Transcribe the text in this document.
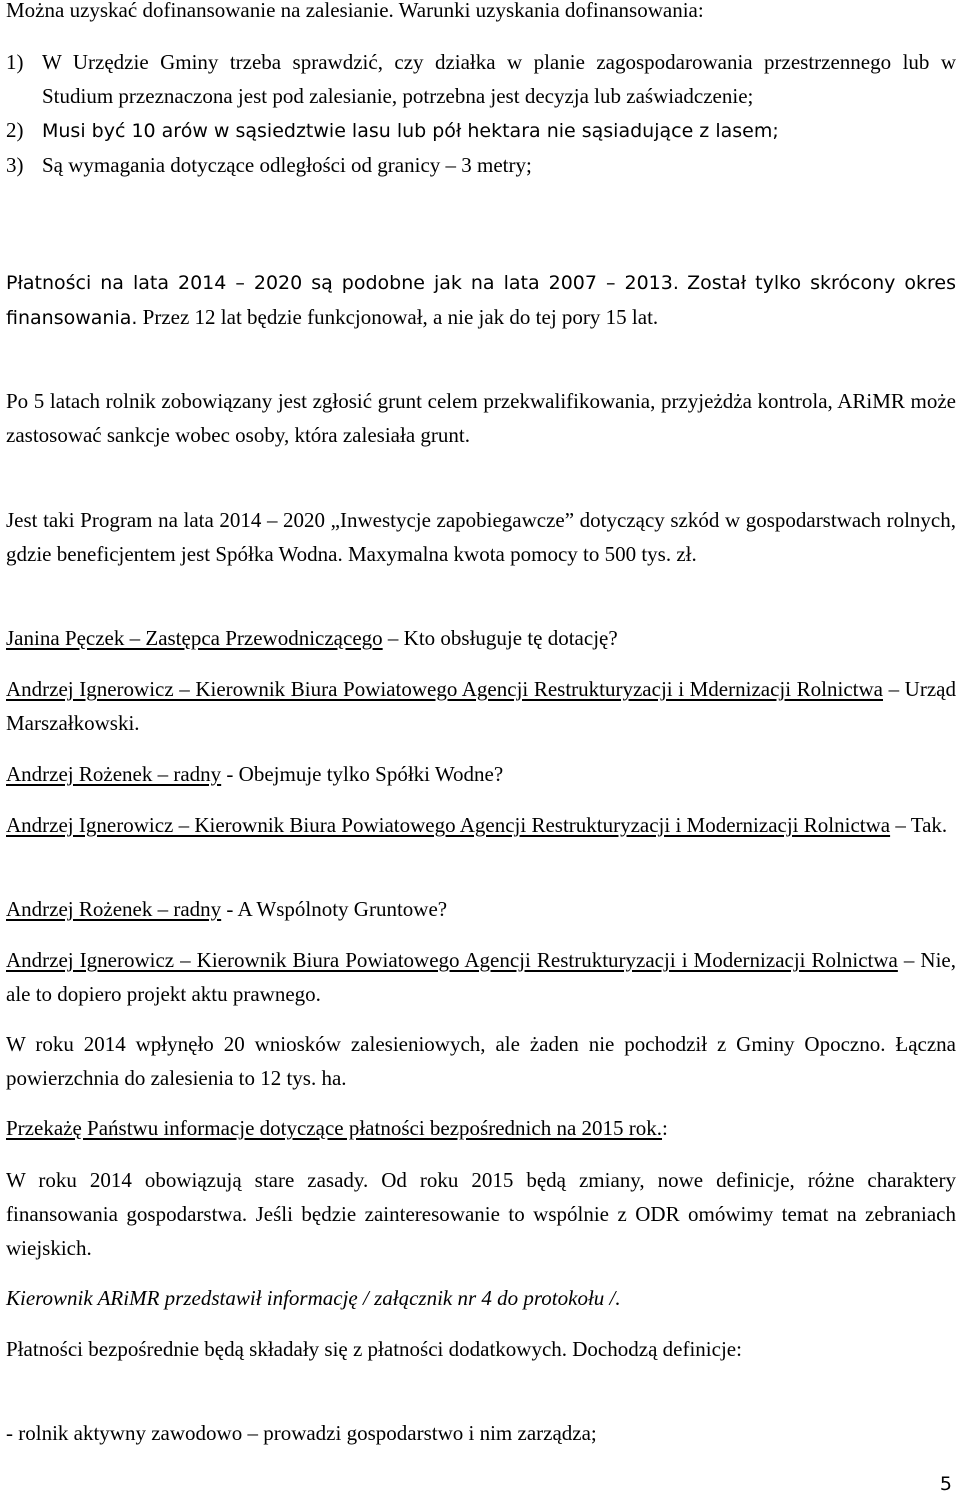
Można uzyskać dofinansowanie na zalesianie. Warunki uzyskania dofinansowania:

1) W Urzędzie Gminy trzeba sprawdzić, czy działka w planie zagospodarowania przestrzennego lub w Studium przeznaczona jest pod zalesianie, potrzebna jest decyzja lub zaświadczenie;
2) Musi być 10 arów w sąsiedztwie lasu lub pół hektara nie sąsiadujące z lasem;
3) Są wymagania dotyczące odległości od granicy – 3 metry;

Płatności na lata 2014 – 2020 są podobne jak na lata 2007 – 2013. Został tylko skrócony okres finansowania. Przez 12 lat będzie funkcjonował, a nie jak do tej pory 15 lat.

Po 5 latach rolnik zobowiązany jest zgłosić grunt celem przekwalifikowania, przyjeżdża kontrola, ARiMR może zastosować sankcje wobec osoby, która zalesiała grunt.

Jest taki Program na lata 2014 – 2020 „Inwestycje zapobiegawcze” dotyczący szkód w gospodarstwach rolnych, gdzie beneficjentem jest Spółka Wodna. Maxymalna kwota pomocy to 500 tys. zł.

Janina Pęczek – Zastępca Przewodniczącego – Kto obsługuje tę dotację?

Andrzej Ignerowicz – Kierownik Biura Powiatowego Agencji Restrukturyzacji i Mdernizacji Rolnictwa – Urząd Marszałkowski.

Andrzej Rożenek – radny - Obejmuje tylko Spółki Wodne?

Andrzej Ignerowicz – Kierownik Biura Powiatowego Agencji Restrukturyzacji i Modernizacji Rolnictwa – Tak.

Andrzej Rożenek – radny - A Wspólnoty Gruntowe?

Andrzej Ignerowicz – Kierownik Biura Powiatowego Agencji Restrukturyzacji i Modernizacji Rolnictwa – Nie, ale to dopiero projekt aktu prawnego.

W roku 2014 wpłynęło 20 wniosków zalesieniowych, ale żaden nie pochodził z Gminy Opoczno. Łączna powierzchnia do zalesienia to 12 tys. ha.

Przekażę Państwu informacje dotyczące płatności bezpośrednich na 2015 rok.:

W roku 2014 obowiązują stare zasady. Od roku 2015 będą zmiany, nowe definicje, różne charaktery finansowania gospodarstwa. Jeśli będzie zainteresowanie to wspólnie z ODR omówimy temat na zebraniach wiejskich.

Kierownik ARiMR przedstawił informację / załącznik nr 4 do protokołu /.

Płatności bezpośrednie będą składały się z płatności dodatkowych. Dochodzą definicje:

- rolnik aktywny zawodowo – prowadzi gospodarstwo i nim zarządza;

5
